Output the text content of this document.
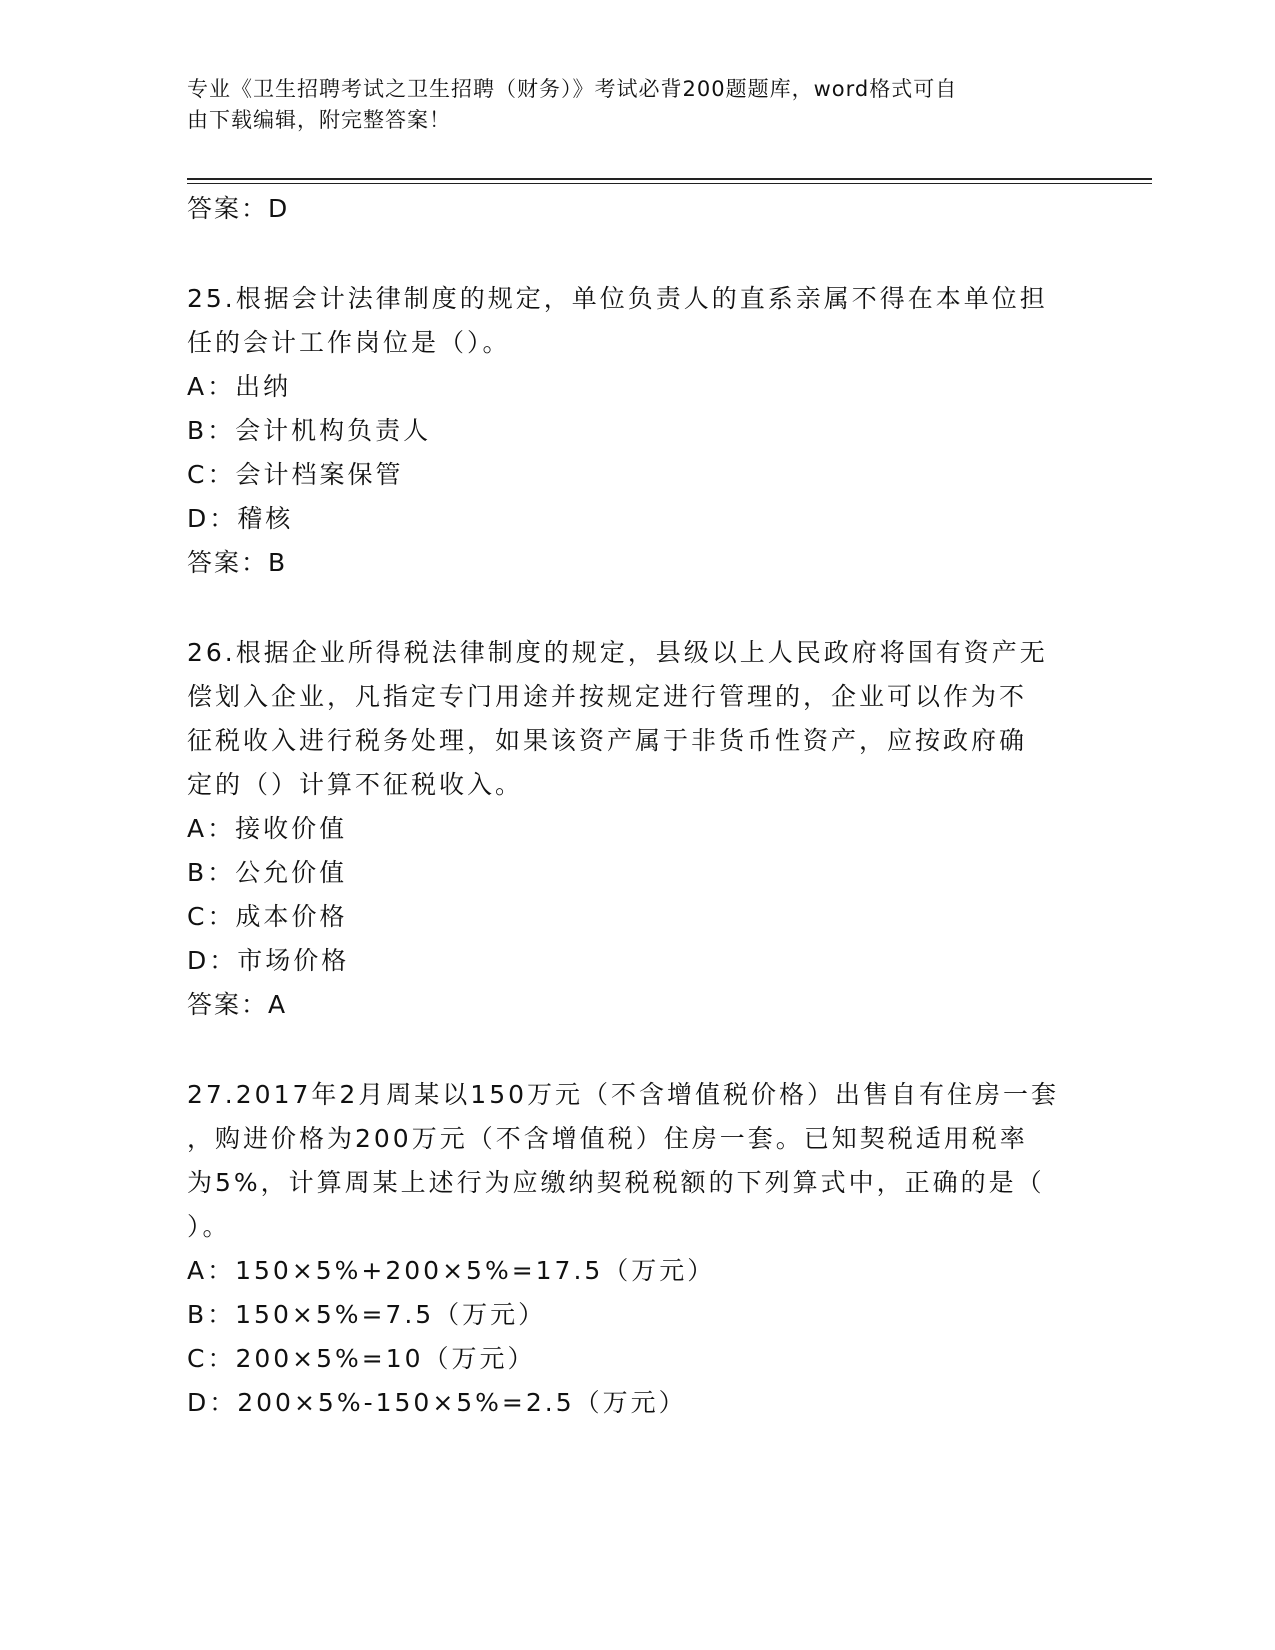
专业《卫生招聘考试之卫生招聘（财务）》考试必背200题题库，word格式可自
由下载编辑，附完整答案！
答案：D
25.根据会计法律制度的规定，单位负责人的直系亲属不得在本单位担
任的会计工作岗位是（）。
A：出纳
B：会计机构负责人
C：会计档案保管
D：稽核
答案：B
26.根据企业所得税法律制度的规定，县级以上人民政府将国有资产无
偿划入企业，凡指定专门用途并按规定进行管理的，企业可以作为不
征税收入进行税务处理，如果该资产属于非货币性资产，应按政府确
定的（）计算不征税收入。
A：接收价值
B：公允价值
C：成本价格
D：市场价格
答案：A
27.2017年2月周某以150万元（不含增值税价格）出售自有住房一套
，购进价格为200万元（不含增值税）住房一套。已知契税适用税率
为5%，计算周某上述行为应缴纳契税税额的下列算式中，正确的是（
）。
A：150×5%+200×5%=17.5（万元）
B：150×5%=7.5（万元）
C：200×5%=10（万元）
D：200×5%-150×5%=2.5（万元）
